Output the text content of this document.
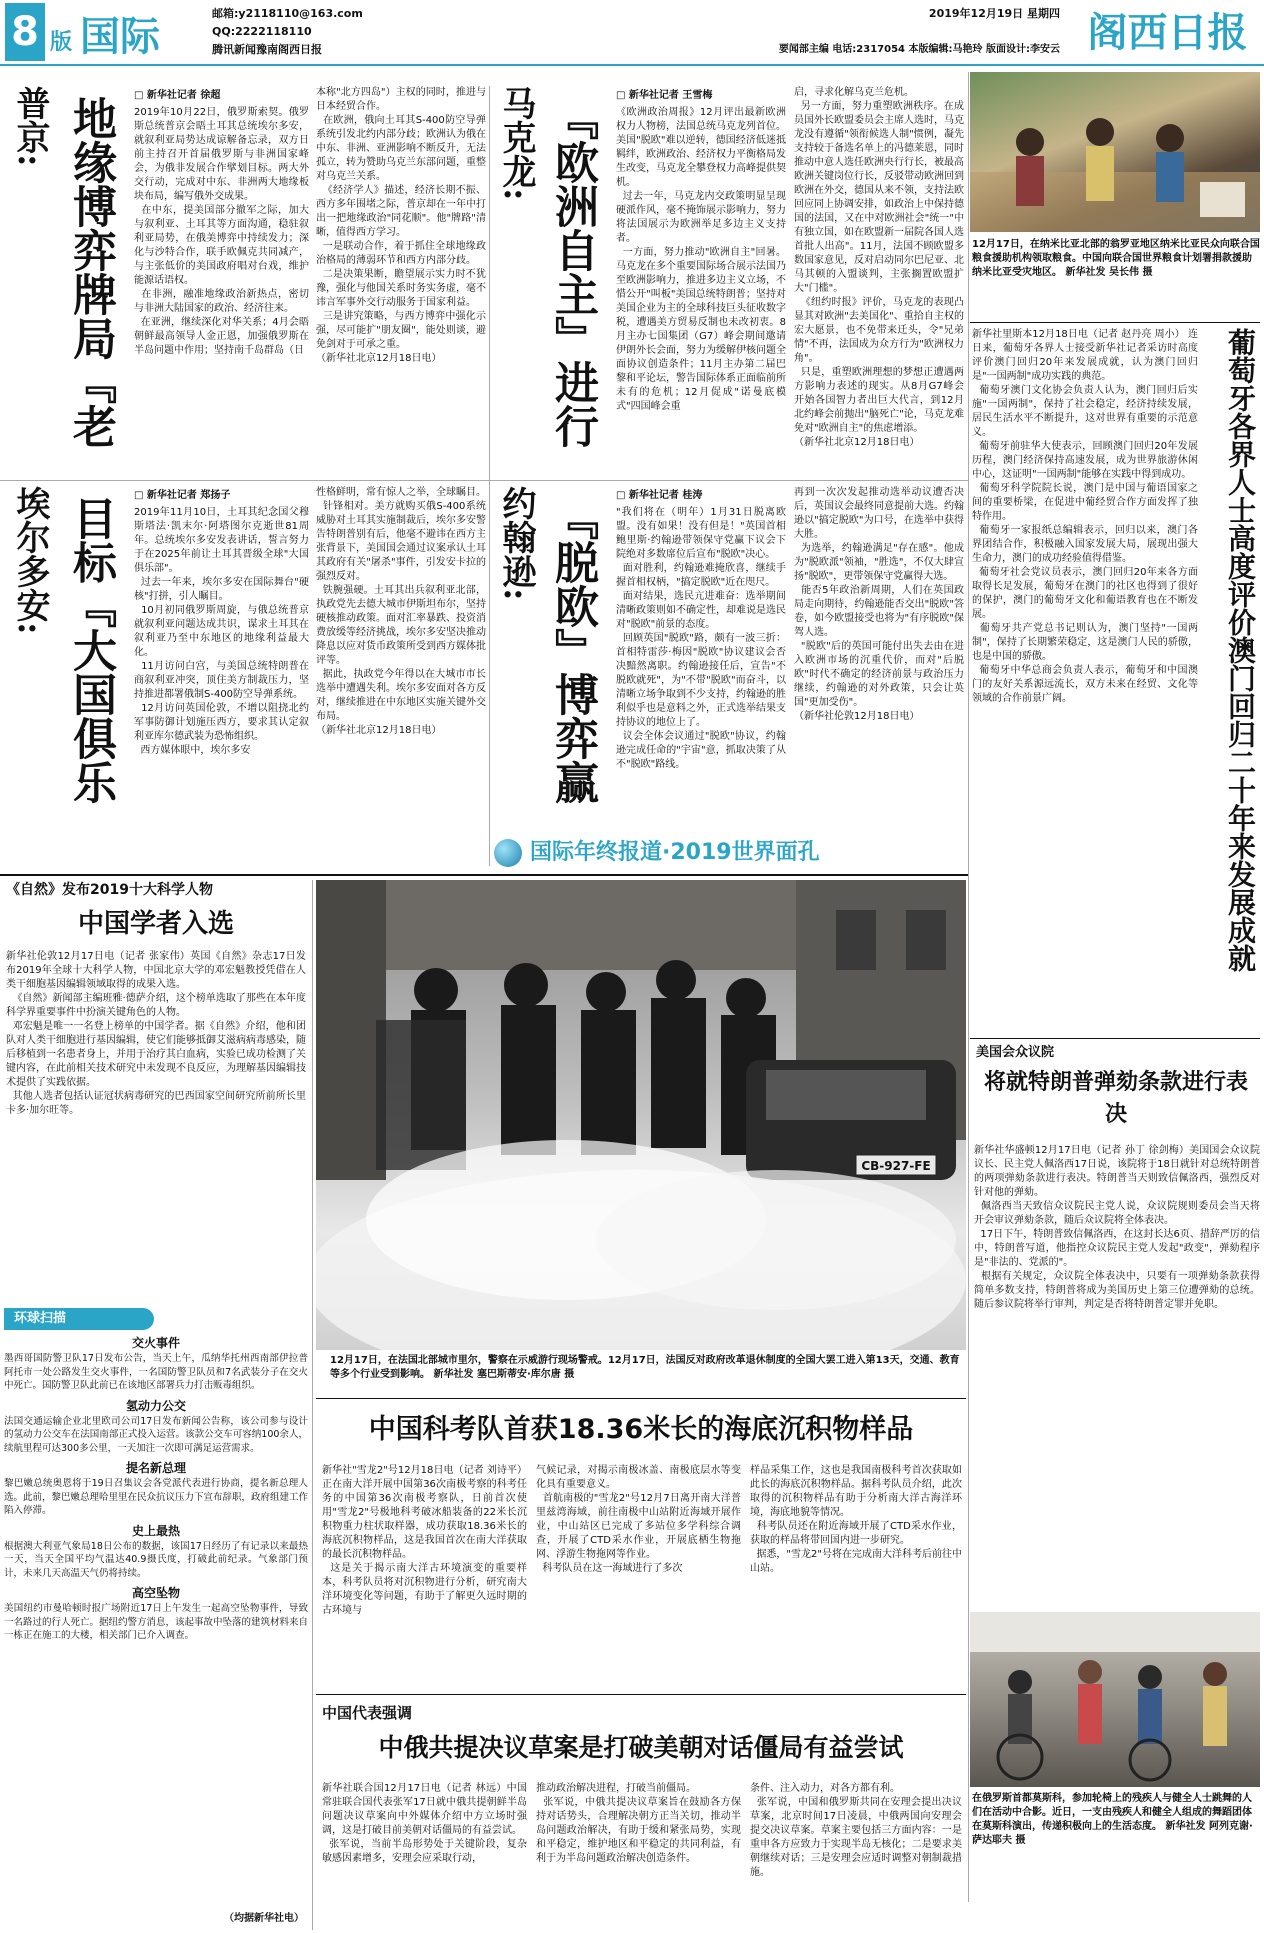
8 版 国际	邮箱:y2118110@163.com
QQ:2222118110
腾讯新闻豫南阁西日报
2019年12月19日 星期四
要闻部主编 电话:2317054 本版编辑:马艳玲 版面设计:李安云 阁西日报
普京: 地缘博弈牌局『老
□ 新华社记者 徐超
2019年10月22日，俄罗斯索契。俄罗斯总统普京会晤土耳其总统埃尔多安，就叙利亚局势达成谅解备忘录，双方日前主持召开首届俄罗斯与非洲国家峰会，为俄非发展合作擘划目标。两大外交行动，完成对中东、非洲两大地缘板块布局，编写俄外交成果。
在中东，提美国部分撤军之际，加大与叙利亚、土耳其等方面沟通，稳驻叙利亚局势，在俄美博弈中持续发力；深化与沙特合作，联手欧佩克共同减产，与主张低价的美国政府唱对台戏，维护能源话语权。
在非洲，融准地缘政治新热点，密切与非洲大陆国家的政治、经济往来。
在亚洲，继续深化对华关系；4月会晤朝鲜最高领导人金正恩，加强俄罗斯在半岛问题中作用；坚持南千岛群岛（日
本称"北方四岛"）主权的同时，推进与日本经贸合作。
在欧洲，俄向土耳其S-400防空导弹系统引发北约内部分歧；欧洲认为俄在中东、非洲、亚洲影响不断反升，无法孤立，转为赞助乌克兰东部问题，重整对乌克兰关系。
《经济学人》描述，经济长期不振、西方多年围堵之际，普京却在一年中打出一把地缘政治"同花顺"。他"牌路"清晰，值得西方学习。
一是联动合作，着于抓住全球地缘政治格局的薄弱环节和西方内部分歧。
二是决策果断，瞻望展示实力时不犹豫，强化与他国关系时务实务虚，毫不讳言军事外交行动服务于国家利益。
三是讲究策略，与西方博弈中强化示强，尽可能扩"朋友圈"，能处则谈，避免剑对于可承之重。
（新华社北京12月18日电）
马克龙: 『欧洲自主』进行
□ 新华社记者 王雪梅
《欧洲政治周报》12月评出最新欧洲权力人物榜，法国总统马克龙列首位。美国"脱欧"难以逆转，德国经济低迷抵羁绊，欧洲政治、经济权力平衡格局发生改变，马克龙全攀登权力高峰提供契机。
过去一年，马克龙内交政策明显呈现硬派作风，毫不掩饰展示影响力，努力将法国展示为欧洲举足多边主义支持者。
一方面，努力推动"欧洲自主"回暑。马克龙在多个重要国际场合展示法国乃至欧洲影响力，推进多边主义立场，不惜公开"叫板"美国总统特朗普；坚持对美国企业为主的全球科技巨头征收数字税，遭遇美方贸易反制也未改初衷。8月主办七国集团（G7）峰会期间邀请伊朗外长会面，努力为缓解伊核问题全面协议创造条件；11月主办第二届巴黎和平论坛，警告国际体系正面临前所未有的危机；12月促成"诺曼底模式"四国峰会重
启，寻求化解乌克兰危机。
另一方面，努力重塑欧洲秩序。在成员国外长欧盟委员会主席人选时，马克龙没有遵循"领衔候选人制"惯例，凝先支持较于备选名单上的冯德莱恩，同时推动中意人选任欧洲央行行长，被最高欧洲关键岗位行长，反驳带动欧洲回到欧洲在外交，德国从来不领，支持法欧回应同上协调安排，如政治上中保持德国的法国，又在中对欧洲社会"统一"中有独立国，如在欧盟新一届院各国人选首批人出高"。11月，法国不顾欧盟多数国家意见，反对启动同尔巴尼亚、北马其顿的入盟谈判，主张搁置欧盟扩大"门槛"。
《纽约时报》评价，马克龙的表现凸显其对欧洲"去美国化"、重拾自主权的宏大愿景，也不免带来迁头，令"兄弟情"不再，法国成为众方行为"欧洲权力角"。
只是，重塑欧洲理想的梦想正遭遇两方影响力表述的现实。从8月G7峰会开始各国智力者出巨大代言，到12月北约峰会前抛出"脑死亡"论，马克龙难免对"欧洲自主"的焦虑增添。
（新华社北京12月18日电）
埃尔多安: 目标『大国俱乐
□ 新华社记者 郑扬子
2019年11月10日，土耳其纪念国父穆斯塔法·凯末尔·阿塔图尔克逝世81周年。总统埃尔多安发表讲话，誓言努力于在2025年前让土耳其晋级全球"大国俱乐部"。
过去一年来，埃尔多安在国际舞台"硬核"打拼，引人瞩目。
10月初同俄罗斯周旋，与俄总统普京就叙利亚问题达成共识，谋求土耳其在叙利亚乃至中东地区的地缘利益最大化。
11月访问白宫，与美国总统特朗普在商叙利亚冲突，顶住美方制裁压力，坚持推进都署俄制S-400防空导弹系统。
12月访问英国伦敦，不增以阻挠北约军事防御计划施压西方，要求其认定叙利亚库尔德武装为恐怖组织。
西方媒体眼中，埃尔多安
性格鲜明，常有惊人之举，全球瞩目。
针锋相对。美方就购买俄S-400系统威胁对土耳其实施制裁后，埃尔多安警告特朗普别有后，他毫不避讳在西方主张背景下，美国国会通过议案承认土耳其政府有关"屠杀"事件，引发安卡拉的强烈反对。
铁腕强硬。土耳其出兵叙利亚北部，执政党先去德大城市伊斯坦布尔，坚持硬核推动政策。面对汇率暴跌、投资消费放缓等经济挑战，埃尔多安坚决推动降息以应对货币政策所受到西方媒体批评等。
据此，执政党今年得以在大城市市长选举中遭遇失利。埃尔多安面对各方反对，继续推进在中东地区实施关键外交布局。
（新华社北京12月18日电）
约翰逊: 『脱欧』博弈赢
□ 新华社记者 桂涛
"我们将在（明年）1月31日脱离欧盟。没有如果！没有但是！"英国首相鲍里斯·约翰逊带领保守党赢下议会下院绝对多数席位后宣布"脱欧"决心。
面对胜利，约翰逊难掩欣喜，继续手握首相权柄，"搞定脱欧"近在咫尺。
面对结果，选民亢进难奋：选举期间清晰政策则如不确定性，却难说是选民对"脱欧"前景的态度。
回顾英国"脱欧"路，颇有一波三折：首相特雷莎·梅因"脱欧"协议建议会否决黯然离职。约翰逊接任后，宣告"不脱欧就死"，为"不带"脱欧"而奋斗，以清晰立场争取到不少支持，约翰逊的胜利似乎也是意料之外，正式选举结果支持协议的地位上了。
议会全体会议通过"脱欧"协议，约翰逊完成任命的"宇宙"意，抓取决策了从不"脱欧"路线。
再到一次次发起推动选举动议遭否决后，英国议会最终同意提前大选。约翰逊以"搞定脱欧"为口号，在选举中获得大胜。
为选举，约翰逊满足"存在感"。他成为"脱欧派"领袖，"胜选"，不仅大肆宣扬"脱欧"，更带领保守党赢得大选。
能否5年政治新周期，人们在英国政局走向期待，约翰逊能否交出"脱欧"答卷，如今欧盟接受也将为"有序脱欧"保驾人选。
"脱欧"后的英国可能付出失去由在进入欧洲市场的沉重代价，而对"后脱欧"时代不确定的经济前景与政治压力继续，约翰逊的对外政策，只会让英国"更加受伤"。
（新华社伦敦12月18日电）
国际年终报道·2019世界面孔
12月17日，在纳米比亚北部的翁罗亚地区纳米比亚民众向联合国粮食援助机构领取粮食。中国向联合国世界粮食计划署捐款援助纳米比亚受灾地区。 新华社发 吴长伟 摄
葡萄牙各界人士高度评价澳门回归二十年来发展成就
新华社里斯本12月18日电（记者 赵丹亮 周小） 连日来，葡萄牙各界人士接受新华社记者采访时高度评价澳门回归20年来发展成就，认为澳门回归是"一国两制"成功实践的典范。
葡萄牙澳门文化协会负责人认为，澳门回归后实施"一国两制"，保持了社会稳定，经济持续发展，居民生活水平不断提升，这对世界有重要的示范意义。
葡萄牙前驻华大使表示，回顾澳门回归20年发展历程，澳门经济保持高速发展，成为世界旅游休闲中心，这证明"一国两制"能够在实践中得到成功。
葡萄牙科学院院长说，澳门是中国与葡语国家之间的重要桥梁，在促进中葡经贸合作方面发挥了独特作用。
葡萄牙一家报纸总编辑表示，回归以来，澳门各界团结合作，积极融入国家发展大局，展现出强大生命力，澳门的成功经验值得借鉴。
葡萄牙社会党议员表示，澳门回归20年来各方面取得长足发展，葡萄牙在澳门的社区也得到了很好的保护，澳门的葡萄牙文化和葡语教育也在不断发展。
葡萄牙共产党总书记则认为，澳门坚持"一国两制"，保持了长期繁荣稳定，这是澳门人民的骄傲，也是中国的骄傲。
葡萄牙中华总商会负责人表示，葡萄牙和中国澳门的友好关系源远流长，双方未来在经贸、文化等领域的合作前景广阔。
美国会众议院
将就特朗普弹劾条款进行表决
新华社华盛顿12月17日电（记者 孙丁 徐剑梅）美国国会众议院议长、民主党人佩洛西17日说，该院将于18日就针对总统特朗普的两项弹劾条款进行表决。特朗普当天则致信佩洛西，强烈反对针对他的弹劾。
佩洛西当天致信众议院民主党人说，众议院规则委员会当天将开会审议弹劾条款，随后众议院将全体表决。
17日下午，特朗普致信佩洛西，在这封长达6页、措辞严厉的信中，特朗普写道，他指控众议院民主党人发起"政变"，弹劾程序是"非法的、党派的"。
根据有关规定，众议院全体表决中，只要有一项弹劾条款获得简单多数支持，特朗普将成为美国历史上第三位遭弹劾的总统。随后参议院将举行审判，判定是否将特朗普定罪并免职。
在俄罗斯首都莫斯科，参加轮椅上的残疾人与健全人士跳舞的人们在活动中合影。近日，一支由残疾人和健全人组成的舞蹈团体在莫斯科演出，传递积极向上的生活态度。 新华社发 阿列克谢·萨达耶夫 摄
《自然》发布2019十大科学人物
中国学者入选
新华社伦敦12月17日电（记者 张家伟）英国《自然》杂志17日发布2019年全球十大科学人物，中国北京大学的邓宏魁教授凭借在人类干细胞基因编辑领域取得的成果入选。
《自然》新闻部主编班雅·德萨介绍，这个榜单选取了那些在本年度科学界重要事件中扮演关键角色的人物。
邓宏魁是唯一一名登上榜单的中国学者。据《自然》介绍，他和团队对人类干细胞进行基因编辑，使它们能够抵御艾滋病病毒感染，随后移植到一名患者身上，并用于治疗其白血病，实验已成功检测了关键内容，在此前相关技术研究中未发现不良反应，为理解基因编辑技术提供了实践依据。
其他人选者包括认证冠状病毒研究的巴西国家空间研究所前所长里卡多·加尔旺等。
环球扫描
交火事件
墨西哥国防警卫队17日发布公告，当天上午，瓜纳华托州西南部伊拉普阿托市一处公路发生交火事件，一名国防警卫队员和7名武装分子在交火中死亡。国防警卫队此前已在该地区部署兵力打击贩毒组织。
氢动力公交
法国交通运输企业北里欧司公司17日发布新闻公告称，该公司参与设计的氢动力公交车在法国南部正式投入运营。该款公交车可容纳100余人，续航里程可达300多公里，一天加注一次即可满足运营需求。
提名新总理
黎巴嫩总统奥恩将于19日召集议会各党派代表进行协商，提名新总理人选。此前，黎巴嫩总理哈里里在民众抗议压力下宣布辞职，政府组建工作陷入停滞。
史上最热
根据澳大利亚气象局18日公布的数据，该国17日经历了有记录以来最热一天，当天全国平均气温达40.9摄氏度，打破此前纪录。气象部门预计，未来几天高温天气仍将持续。
高空坠物
美国纽约市曼哈顿时报广场附近17日上午发生一起高空坠物事件，导致一名路过的行人死亡。据纽约警方消息，该起事故中坠落的建筑材料来自一栋正在施工的大楼，相关部门已介入调查。
（均据新华社电）
CB-927-FE
12月17日，在法国北部城市里尔，警察在示威游行现场警戒。12月17日，法国反对政府改革退休制度的全国大罢工进入第13天，交通、教育等多个行业受到影响。 新华社发 塞巴斯蒂安·库尔唐 摄
中国科考队首获18.36米长的海底沉积物样品
新华社"雪龙2"号12月18日电（记者 刘诗平）正在南大洋开展中国第36次南极考察的科考任务的中国第36次南极考察队，日前首次使用"雪龙2"号极地科考破冰船装备的22米长沉积物重力柱状取样器，成功获取18.36米长的海底沉积物样品，这是我国首次在南大洋获取的最长沉积物样品。
这是关于揭示南大洋古环境演变的重要样本，科考队员将对沉积物进行分析，研究南大洋环境变化等问题，有助于了解更久远时期的古环境与
气候记录，对揭示南极冰盖、南极底层水等变化具有重要意义。
首航南极的"雪龙2"号12月7日离开南大洋普里兹湾海域，前往南极中山站附近海域开展作业，中山站区已完成了多站位多学科综合调查，开展了CTD采水作业，开展底栖生物拖网、浮游生物拖网等作业。
科考队员在这一海域进行了多次
样品采集工作，这也是我国南极科考首次获取如此长的海底沉积物样品。据科考队员介绍，此次取得的沉积物样品有助于分析南大洋古海洋环境，海底地貌等情况。
科考队员还在附近海域开展了CTD采水作业，获取的样品将带回国内进一步研究。
据悉，"雪龙2"号将在完成南大洋科考后前往中山站。
中国代表强调
中俄共提决议草案是打破美朝对话僵局有益尝试
新华社联合国12月17日电（记者 林远）中国常驻联合国代表张军17日就中俄共提朝鲜半岛问题决议草案向中外媒体介绍中方立场时强调，这是打破目前美朝对话僵局的有益尝试。
张军说，当前半岛形势处于关键阶段，复杂敏感因素增多，安理会应采取行动，
推动政治解决进程，打破当前僵局。
张军说，中俄共提决议草案旨在鼓励各方保持对话势头，合理解决朝方正当关切，推动半岛问题政治解决，有助于缓和紧张局势，实现和平稳定，维护地区和平稳定的共同利益，有利于为半岛问题政治解决创造条件。
条件、注入动力，对各方都有利。
张军说，中国和俄罗斯共同在安理会提出决议草案，北京时间17日凌晨，中俄两国向安理会提交决议草案。草案主要包括三方面内容：一是重申各方应致力于实现半岛无核化；二是要求美朝继续对话；三是安理会应适时调整对朝制裁措施。
